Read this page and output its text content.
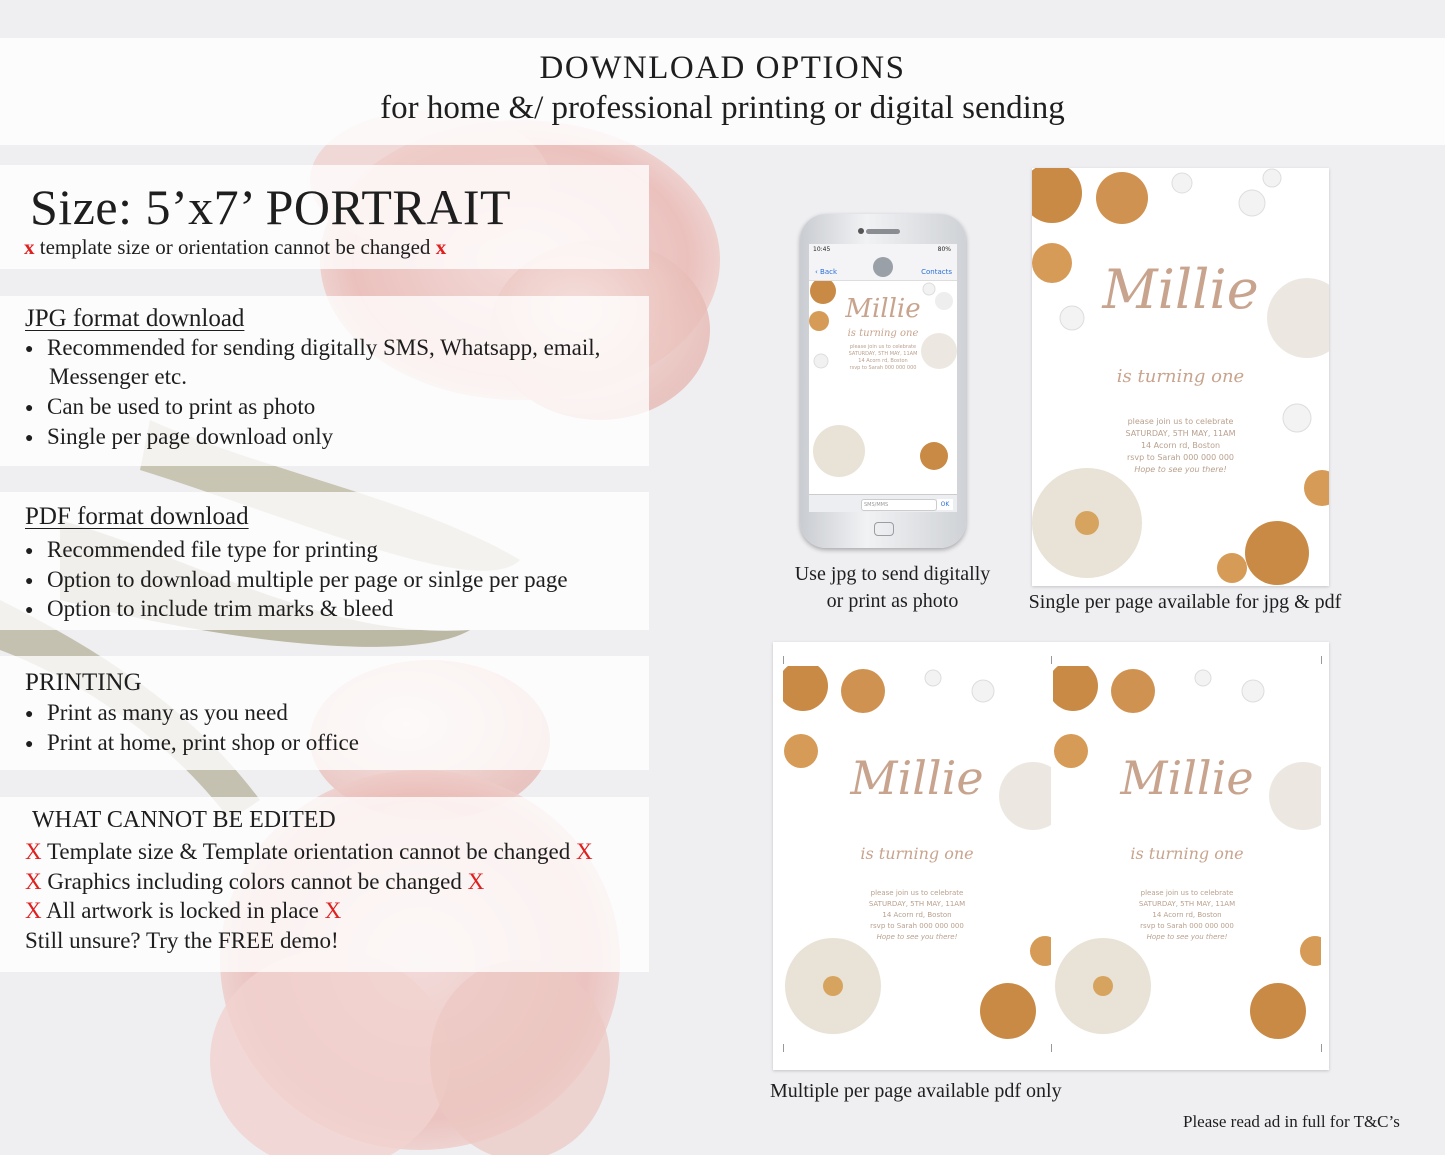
DOWNLOAD OPTIONS
for home &/ professional printing or digital sending
Size: 5’x7’ PORTRAIT
x template size or orientation cannot be changed x
JPG format download
● Recommended for sending digitally SMS, Whatsapp, email,
Messenger etc.
● Can be used to print as photo
● Single per page download only
PDF format download
● Recommended file type for printing
● Option to download multiple per page or sinlge per page
● Option to include trim marks & bleed
PRINTING
● Print as many as you need
● Print at home, print shop or office
WHAT CANNOT BE EDITED
X Template size & Template orientation cannot be changed X
X Graphics including colors cannot be changed X
X All artwork is locked in place X
Still unsure? Try the FREE demo!
10:45	80%
‹ Back	Contacts
Millie
is turning one
please join us to celebrate
SATURDAY, 5TH MAY, 11AM
14 Acorn rd, Boston
rsvp to Sarah 000 000 000
SMS/MMS	OK
Use jpg to send digitally
or print as photo
Millie
is turning one
please join us to celebrate
SATURDAY, 5TH MAY, 11AM
14 Acorn rd, Boston
rsvp to Sarah 000 000 000
Hope to see you there!
Single per page available for jpg & pdf
Millie
is turning one
please join us to celebrate
SATURDAY, 5TH MAY, 11AM
14 Acorn rd, Boston
rsvp to Sarah 000 000 000
Hope to see you there!
Millie
is turning one
please join us to celebrate
SATURDAY, 5TH MAY, 11AM
14 Acorn rd, Boston
rsvp to Sarah 000 000 000
Hope to see you there!
Multiple per page available pdf only
Please read ad in full for T&C’s
